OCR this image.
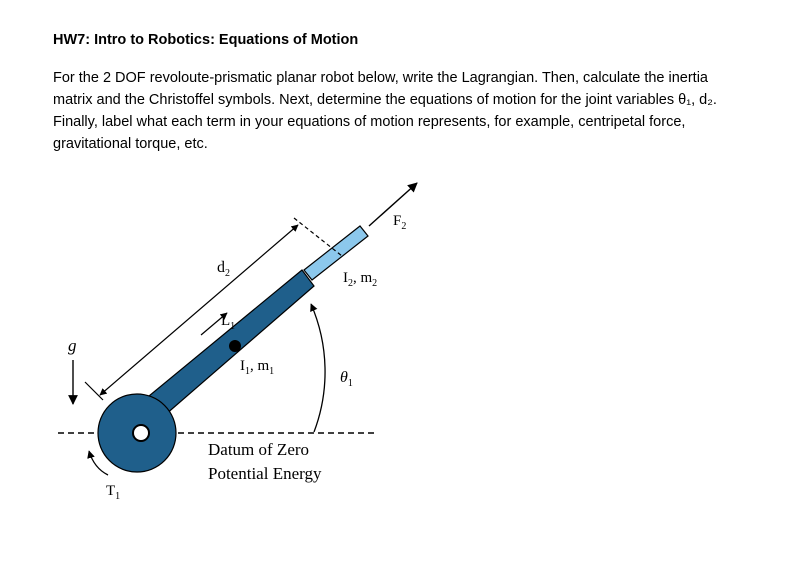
HW7: Intro to Robotics: Equations of Motion
For the 2 DOF revoloute-prismatic planar robot below, write the Lagrangian. Then, calculate the inertia
matrix and the Christoffel symbols. Next, determine the equations of motion for the joint variables θ₁, d₂.
Finally, label what each term in your equations of motion represents, for example, centripetal force,
gravitational torque, etc.
g
$L_1$
$d_2$
$I_1$, $m_1$
$I_2$, $m_2$
$F_2$
$\theta_1$
$T_1$
Datum of Zero
Potential Energy
